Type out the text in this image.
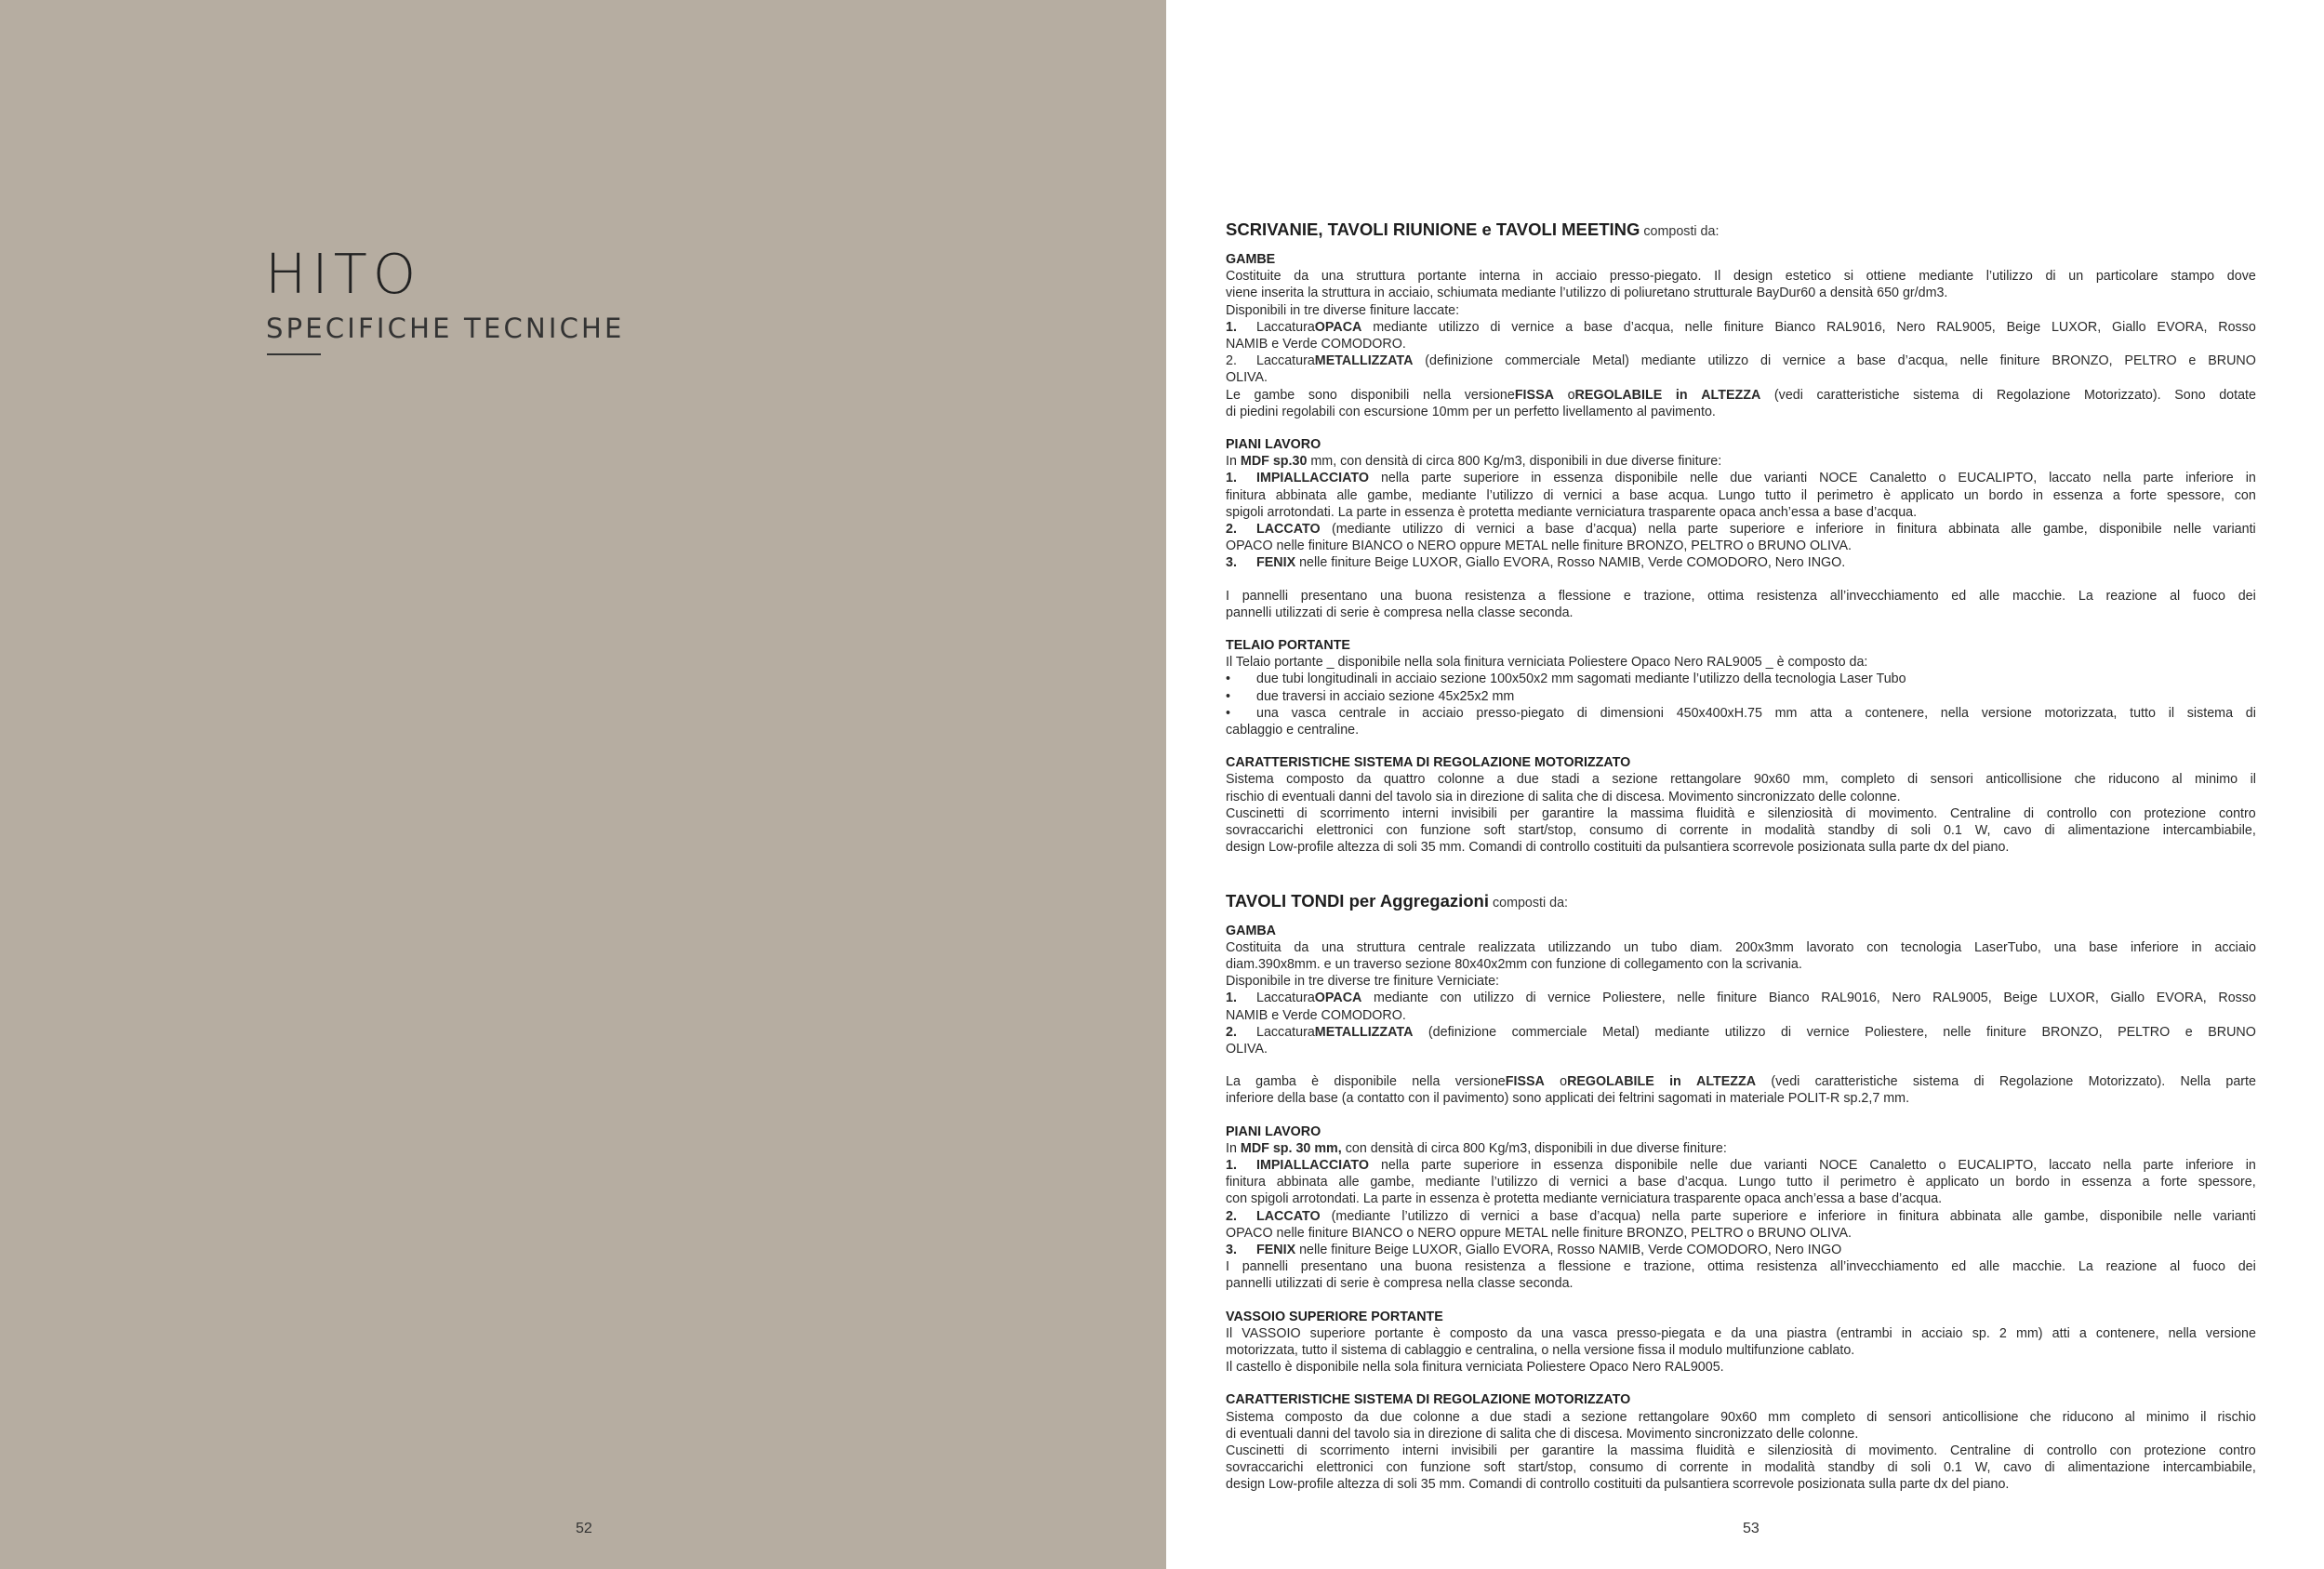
HITO
SPECIFICHE TECNICHE
52	53
SCRIVANIE, TAVOLI RIUNIONE e TAVOLI MEETING composti da:
GAMBE
Costituite da una struttura portante interna in acciaio presso-piegato. Il design estetico si ottiene mediante l’utilizzo di un particolare stampo dove
viene inserita la struttura in acciaio, schiumata mediante l’utilizzo di poliuretano strutturale BayDur60 a densità 650 gr/dm3.
Disponibili in tre diverse finiture laccate:
1.	LaccaturaOPACA mediante utilizzo di vernice a base d’acqua, nelle finiture Bianco RAL9016, Nero RAL9005, Beige LUXOR, Giallo EVORA, Rosso
NAMIB e Verde COMODORO.
2.	LaccaturaMETALLIZZATA (definizione commerciale Metal) mediante utilizzo di vernice a base d’acqua, nelle finiture BRONZO, PELTRO e BRUNO
OLIVA.
Le gambe sono disponibili nella versioneFISSA oREGOLABILE in ALTEZZA (vedi caratteristiche sistema di Regolazione Motorizzato). Sono dotate
di piedini regolabili con escursione 10mm per un perfetto livellamento al pavimento.
PIANI LAVORO
In MDF sp.30 mm, con densità di circa 800 Kg/m3, disponibili in due diverse finiture:
1.	IMPIALLACCIATO nella parte superiore in essenza disponibile nelle due varianti NOCE Canaletto o EUCALIPTO, laccato nella parte inferiore in
finitura abbinata alle gambe, mediante l’utilizzo di vernici a base acqua. Lungo tutto il perimetro è applicato un bordo in essenza a forte spessore, con
spigoli arrotondati. La parte in essenza è protetta mediante verniciatura trasparente opaca anch’essa a base d’acqua.
2.	LACCATO (mediante utilizzo di vernici a base d’acqua) nella parte superiore e inferiore in finitura abbinata alle gambe, disponibile nelle varianti
OPACO nelle finiture BIANCO o NERO oppure METAL nelle finiture BRONZO, PELTRO o BRUNO OLIVA.
3.	FENIX nelle finiture Beige LUXOR, Giallo EVORA, Rosso NAMIB, Verde COMODORO, Nero INGO.
I pannelli presentano una buona resistenza a flessione e trazione, ottima resistenza all’invecchiamento ed alle macchie. La reazione al fuoco dei
pannelli utilizzati di serie è compresa nella classe seconda.
TELAIO PORTANTE
Il Telaio portante _ disponibile nella sola finitura verniciata Poliestere Opaco Nero RAL9005 _ è composto da:
•	due tubi longitudinali in acciaio sezione 100x50x2 mm sagomati mediante l’utilizzo della tecnologia Laser Tubo
•	due traversi in acciaio sezione 45x25x2 mm
•	una vasca centrale in acciaio presso-piegato di dimensioni 450x400xH.75 mm atta a contenere, nella versione motorizzata, tutto il sistema di
cablaggio e centraline.
CARATTERISTICHE SISTEMA DI REGOLAZIONE MOTORIZZATO
Sistema composto da quattro colonne a due stadi a sezione rettangolare 90x60 mm, completo di sensori anticollisione che riducono al minimo il
rischio di eventuali danni del tavolo sia in direzione di salita che di discesa. Movimento sincronizzato delle colonne.
Cuscinetti di scorrimento interni invisibili per garantire la massima fluidità e silenziosità di movimento. Centraline di controllo con protezione contro
sovraccarichi elettronici con funzione soft start/stop, consumo di corrente in modalità standby di soli 0.1 W, cavo di alimentazione intercambiabile,
design Low-profile altezza di soli 35 mm. Comandi di controllo costituiti da pulsantiera scorrevole posizionata sulla parte dx del piano.
TAVOLI TONDI per Aggregazioni composti da:
GAMBA
Costituita da una struttura centrale realizzata utilizzando un tubo diam. 200x3mm lavorato con tecnologia LaserTubo, una base inferiore in acciaio
diam.390x8mm. e un traverso sezione 80x40x2mm con funzione di collegamento con la scrivania.
Disponibile in tre diverse tre finiture Verniciate:
1.	LaccaturaOPACA mediante con utilizzo di vernice Poliestere, nelle finiture Bianco RAL9016, Nero RAL9005, Beige LUXOR, Giallo EVORA, Rosso
NAMIB e Verde COMODORO.
2.	LaccaturaMETALLIZZATA (definizione commerciale Metal) mediante utilizzo di vernice Poliestere, nelle finiture BRONZO, PELTRO e BRUNO
OLIVA.
La gamba è disponibile nella versioneFISSA oREGOLABILE in ALTEZZA (vedi caratteristiche sistema di Regolazione Motorizzato). Nella parte
inferiore della base (a contatto con il pavimento) sono applicati dei feltrini sagomati in materiale POLIT-R sp.2,7 mm.
PIANI LAVORO
In MDF sp. 30 mm, con densità di circa 800 Kg/m3, disponibili in due diverse finiture:
1.	IMPIALLACCIATO nella parte superiore in essenza disponibile nelle due varianti NOCE Canaletto o EUCALIPTO, laccato nella parte inferiore in
finitura abbinata alle gambe, mediante l’utilizzo di vernici a base d’acqua. Lungo tutto il perimetro è applicato un bordo in essenza a forte spessore,
con spigoli arrotondati. La parte in essenza è protetta mediante verniciatura trasparente opaca anch’essa a base d’acqua.
2.	LACCATO (mediante l’utilizzo di vernici a base d’acqua) nella parte superiore e inferiore in finitura abbinata alle gambe, disponibile nelle varianti
OPACO nelle finiture BIANCO o NERO oppure METAL nelle finiture BRONZO, PELTRO o BRUNO OLIVA.
3.	FENIX nelle finiture Beige LUXOR, Giallo EVORA, Rosso NAMIB, Verde COMODORO, Nero INGO
I pannelli presentano una buona resistenza a flessione e trazione, ottima resistenza all’invecchiamento ed alle macchie. La reazione al fuoco dei
pannelli utilizzati di serie è compresa nella classe seconda.
VASSOIO SUPERIORE PORTANTE
Il VASSOIO superiore portante è composto da una vasca presso-piegata e da una piastra (entrambi in acciaio sp. 2 mm) atti a contenere, nella versione
motorizzata, tutto il sistema di cablaggio e centralina, o nella versione fissa il modulo multifunzione cablato.
Il castello è disponibile nella sola finitura verniciata Poliestere Opaco Nero RAL9005.
CARATTERISTICHE SISTEMA DI REGOLAZIONE MOTORIZZATO
Sistema composto da due colonne a due stadi a sezione rettangolare 90x60 mm completo di sensori anticollisione che riducono al minimo il rischio
di eventuali danni del tavolo sia in direzione di salita che di discesa. Movimento sincronizzato delle colonne.
Cuscinetti di scorrimento interni invisibili per garantire la massima fluidità e silenziosità di movimento. Centraline di controllo con protezione contro
sovraccarichi elettronici con funzione soft start/stop, consumo di corrente in modalità standby di soli 0.1 W, cavo di alimentazione intercambiabile,
design Low-profile altezza di soli 35 mm. Comandi di controllo costituiti da pulsantiera scorrevole posizionata sulla parte dx del piano.
